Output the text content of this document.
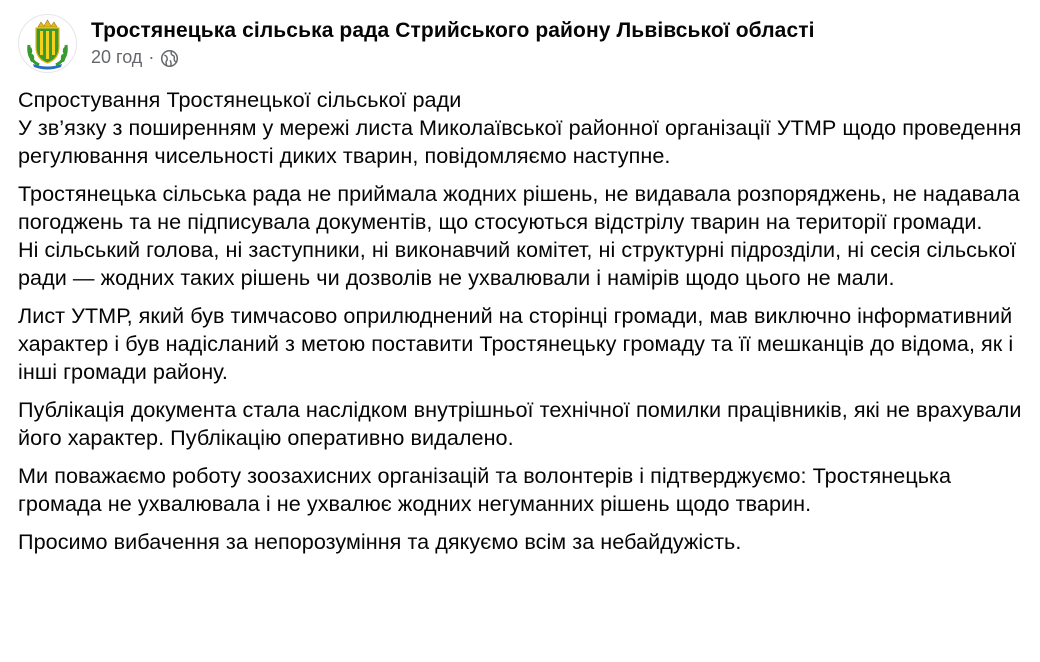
Тростянецька сільська рада Стрийського району Львівської області
20 год ·

Спростування Тростянецької сільської ради
У зв’язку з поширенням у мережі листа Миколаївської районної організації УТМР щодо проведення регулювання чисельності диких тварин, повідомляємо наступне.

Тростянецька сільська рада не приймала жодних рішень, не видавала розпоряджень, не надавала погоджень та не підписувала документів, що стосуються відстрілу тварин на території громади.
Ні сільський голова, ні заступники, ні виконавчий комітет, ні структурні підрозділи, ні сесія сільської ради — жодних таких рішень чи дозволів не ухвалювали і намірів щодо цього не мали.

Лист УТМР, який був тимчасово оприлюднений на сторінці громади, мав виключно інформативний характер і був надісланий з метою поставити Тростянецьку громаду та її мешканців до відома, як і інші громади району.

Публікація документа стала наслідком внутрішньої технічної помилки працівників, які не врахували його характер. Публікацію оперативно видалено.

Ми поважаємо роботу зоозахисних організацій та волонтерів і підтверджуємо: Тростянецька громада не ухвалювала і не ухвалює жодних негуманних рішень щодо тварин.

Просимо вибачення за непорозуміння та дякуємо всім за небайдужість.
